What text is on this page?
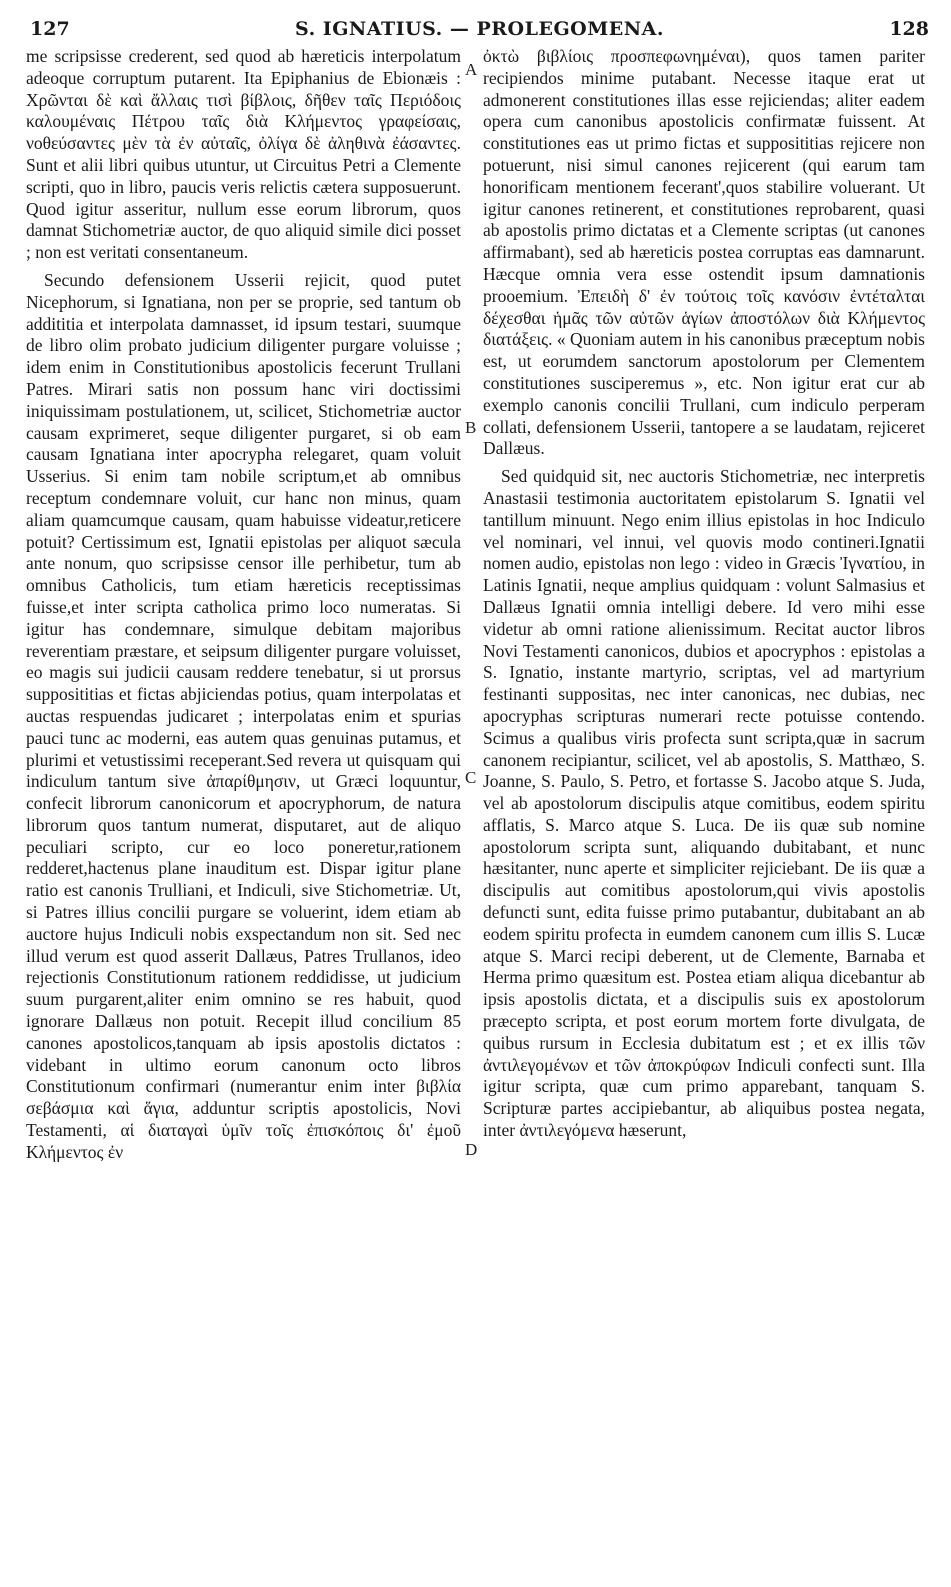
127	S. IGNATIUS. — PROLEGOMENA.	128

me scripsisse crederent, sed quod ab hæreticis interpolatum adeoque corruptum putarent. Ita Epiphanius de Ebionæis : Χρῶνται δὲ καὶ ἄλλαις τισὶ βίβλοις, δῆθεν ταῖς Περιόδοις καλουμέναις Πέτρου ταῖς διὰ Κλήμεντος γραφείσαις, νοθεύσαντες μὲν τὰ ἐν αὐταῖς, ὀλίγα δὲ ἀληθινὰ ἐάσαντες. Sunt et alii libri quibus utuntur, ut Circuitus Petri a Clemente scripti, quo in libro, paucis veris relictis cætera supposuerunt. Quod igitur asseritur, nullum esse eorum librorum, quos damnat Stichometriæ auctor, de quo aliquid simile dici posset ; non est veritati consentaneum.

Secundo defensionem Usserii rejicit, quod putet Nicephorum, si Ignatiana, non per se proprie, sed tantum ob addititia et interpolata damnasset, id ipsum testari, suumque de libro olim probato judicium diligenter purgare voluisse ; idem enim in Constitutionibus apostolicis fecerunt Trullani Patres. Mirari satis non possum hanc viri doctissimi iniquissimam postulationem, ut, scilicet, Stichometriæ auctor causam exprimeret, seque diligenter purgaret, si ob eam causam Ignatiana inter apocrypha relegaret, quam voluit Usserius. Si enim tam nobile scriptum,et ab omnibus receptum condemnare voluit, cur hanc non minus, quam aliam quamcumque causam, quam habuisse videatur,reticere potuit? Certissimum est, Ignatii epistolas per aliquot sæcula ante nonum, quo scripsisse censor ille perhibetur, tum ab omnibus Catholicis, tum etiam hæreticis receptissimas fuisse,et inter scripta catholica primo loco numeratas. Si igitur has condemnare, simulque debitam majoribus reverentiam præstare, et seipsum diligenter purgare voluisset, eo magis sui judicii causam reddere tenebatur, si ut prorsus supposititias et fictas abjiciendas potius, quam interpolatas et auctas respuendas judicaret ; interpolatas enim et spurias pauci tunc ac moderni, eas autem quas genuinas putamus, et plurimi et vetustissimi receperant.Sed revera ut quisquam qui indiculum tantum sive ἀπαρίθμησιν, ut Græci loquuntur, confecit librorum canonicorum et apocryphorum, de natura librorum quos tantum numerat, disputaret, aut de aliquo peculiari scripto, cur eo loco poneretur,rationem redderet,hactenus plane inauditum est. Dispar igitur plane ratio est canonis Trulliani, et Indiculi, sive Stichometriæ. Ut, si Patres illius concilii purgare se voluerint, idem etiam ab auctore hujus Indiculi nobis exspectandum non sit. Sed nec illud verum est quod asserit Dallæus, Patres Trullanos, ideo rejectionis Constitutionum rationem reddidisse, ut judicium suum purgarent,aliter enim omnino se res habuit, quod ignorare Dallæus non potuit. Recepit illud concilium 85 canones apostolicos,tanquam ab ipsis apostolis dictatos : videbant in ultimo eorum canonum octo libros Constitutionum confirmari (numerantur enim inter βιβλία σεβάσμια καὶ ἅγια, adduntur scriptis apostolicis, Novi Testamenti, αἱ διαταγαὶ ὑμῖν τοῖς ἐπισκόποις δι' ἐμοῦ Κλήμεντος ἐν

ὀκτὼ βιβλίοις προσπεφωνημέναι), quos tamen pariter recipiendos minime putabant. Necesse itaque erat ut admonerent constitutiones illas esse rejiciendas; aliter eadem opera cum canonibus apostolicis confirmatæ fuissent. At constitutiones eas ut primo fictas et supposititias rejicere non potuerunt, nisi simul canones rejicerent (qui earum tam honorificam mentionem fecerant',quos stabilire voluerant. Ut igitur canones retinerent, et constitutiones reprobarent, quasi ab apostolis primo dictatas et a Clemente scriptas (ut canones affirmabant), sed ab hæreticis postea corruptas eas damnarunt. Hæcque omnia vera esse ostendit ipsum damnationis prooemium. Ἐπειδὴ δ' ἐν τούτοις τοῖς κανόσιν ἐντέταλται δέχεσθαι ἡμᾶς τῶν αὐτῶν ἁγίων ἀποστόλων διὰ Κλήμεντος διατάξεις. « Quoniam autem in his canonibus præceptum nobis est, ut eorumdem sanctorum apostolorum per Clementem constitutiones susciperemus », etc. Non igitur erat cur ab exemplo canonis concilii Trullani, cum indiculo perperam collati, defensionem Usserii, tantopere a se laudatam, rejiceret Dallæus.

Sed quidquid sit, nec auctoris Stichometriæ, nec interpretis Anastasii testimonia auctoritatem epistolarum S. Ignatii vel tantillum minuunt. Nego enim illius epistolas in hoc Indiculo vel nominari, vel innui, vel quovis modo contineri.Ignatii nomen audio, epistolas non lego : video in Græcis Ἰγνατίου, in Latinis Ignatii, neque amplius quidquam : volunt Salmasius et Dallæus Ignatii omnia intelligi debere. Id vero mihi esse videtur ab omni ratione alienissimum. Recitat auctor libros Novi Testamenti canonicos, dubios et apocryphos : epistolas a S. Ignatio, instante martyrio, scriptas, vel ad martyrium festinanti suppositas, nec inter canonicas, nec dubias, nec apocryphas scripturas numerari recte potuisse contendo. Scimus a qualibus viris profecta sunt scripta,quæ in sacrum canonem recipiantur, scilicet, vel ab apostolis, S. Matthæo, S. Joanne, S. Paulo, S. Petro, et fortasse S. Jacobo atque S. Juda, vel ab apostolorum discipulis atque comitibus, eodem spiritu afflatis, S. Marco atque S. Luca. De iis quæ sub nomine apostolorum scripta sunt, aliquando dubitabant, et nunc hæsitanter, nunc aperte et simpliciter rejiciebant. De iis quæ a discipulis aut comitibus apostolorum,qui vivis apostolis defuncti sunt, edita fuisse primo putabantur, dubitabant an ab eodem spiritu profecta in eumdem canonem cum illis S. Lucæ atque S. Marci recipi deberent, ut de Clemente, Barnaba et Herma primo quæsitum est. Postea etiam aliqua dicebantur ab ipsis apostolis dictata, et a discipulis suis ex apostolorum præcepto scripta, et post eorum mortem forte divulgata, de quibus rursum in Ecclesia dubitatum est ; et ex illis τῶν ἀντιλεγομένων et τῶν ἀποκρύφων Indiculi confecti sunt. Illa igitur scripta, quæ cum primo apparebant, tanquam S. Scripturæ partes accipiebantur, ab aliquibus postea negata, inter ἀντιλεγόμενα hæserunt,

A
B
C
D
